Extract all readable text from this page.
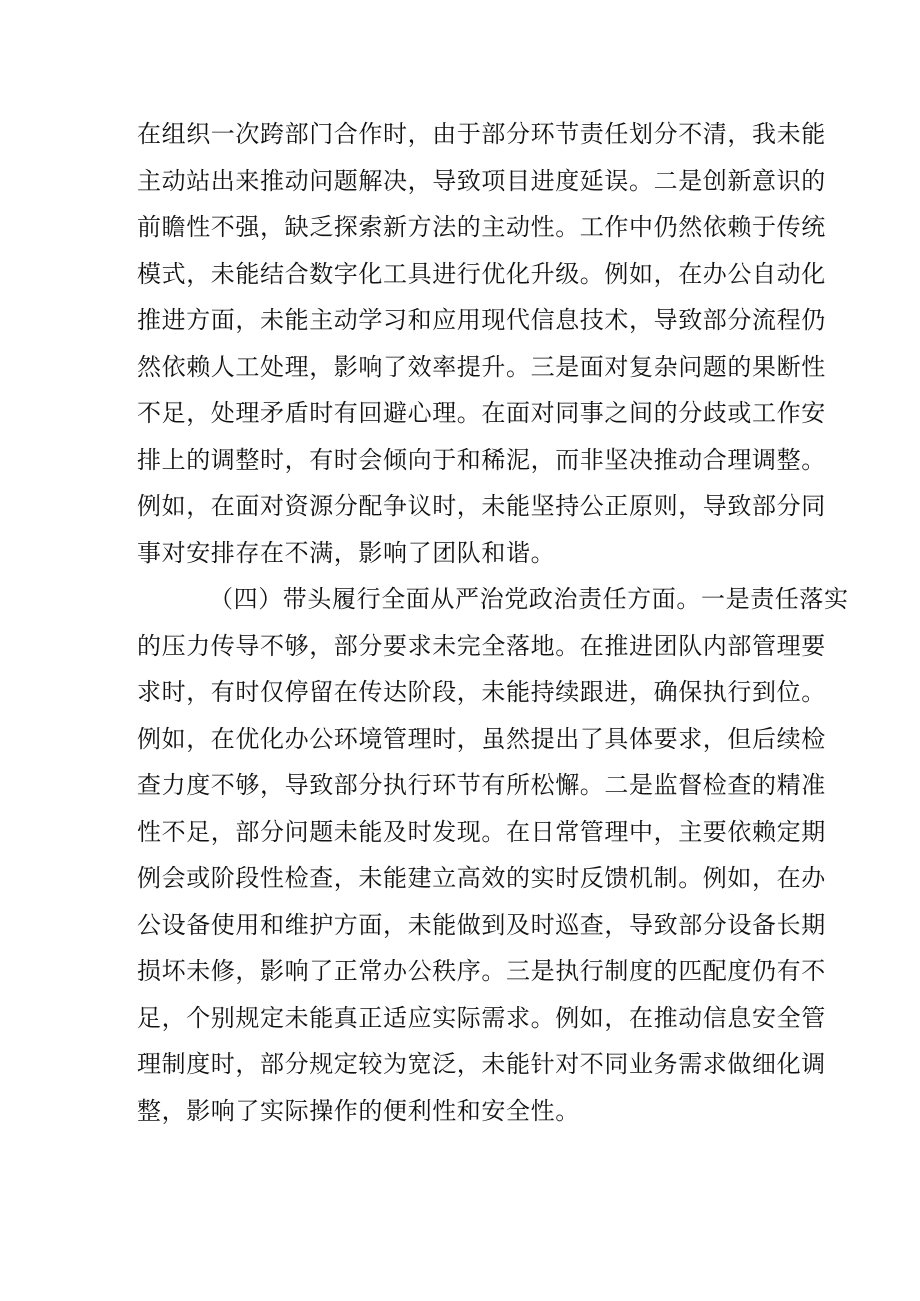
在组织一次跨部门合作时，由于部分环节责任划分不清，我未能
主动站出来推动问题解决，导致项目进度延误。二是创新意识的
前瞻性不强，缺乏探索新方法的主动性。工作中仍然依赖于传统
模式，未能结合数字化工具进行优化升级。例如，在办公自动化
推进方面，未能主动学习和应用现代信息技术，导致部分流程仍
然依赖人工处理，影响了效率提升。三是面对复杂问题的果断性
不足，处理矛盾时有回避心理。在面对同事之间的分歧或工作安
排上的调整时，有时会倾向于和稀泥，而非坚决推动合理调整。
例如，在面对资源分配争议时，未能坚持公正原则，导致部分同
事对安排存在不满，影响了团队和谐。
（四）带头履行全面从严治党政治责任方面。一是责任落实
的压力传导不够，部分要求未完全落地。在推进团队内部管理要
求时，有时仅停留在传达阶段，未能持续跟进，确保执行到位。
例如，在优化办公环境管理时，虽然提出了具体要求，但后续检
查力度不够，导致部分执行环节有所松懈。二是监督检查的精准
性不足，部分问题未能及时发现。在日常管理中，主要依赖定期
例会或阶段性检查，未能建立高效的实时反馈机制。例如，在办
公设备使用和维护方面，未能做到及时巡查，导致部分设备长期
损坏未修，影响了正常办公秩序。三是执行制度的匹配度仍有不
足，个别规定未能真正适应实际需求。例如，在推动信息安全管
理制度时，部分规定较为宽泛，未能针对不同业务需求做细化调
整，影响了实际操作的便利性和安全性。
